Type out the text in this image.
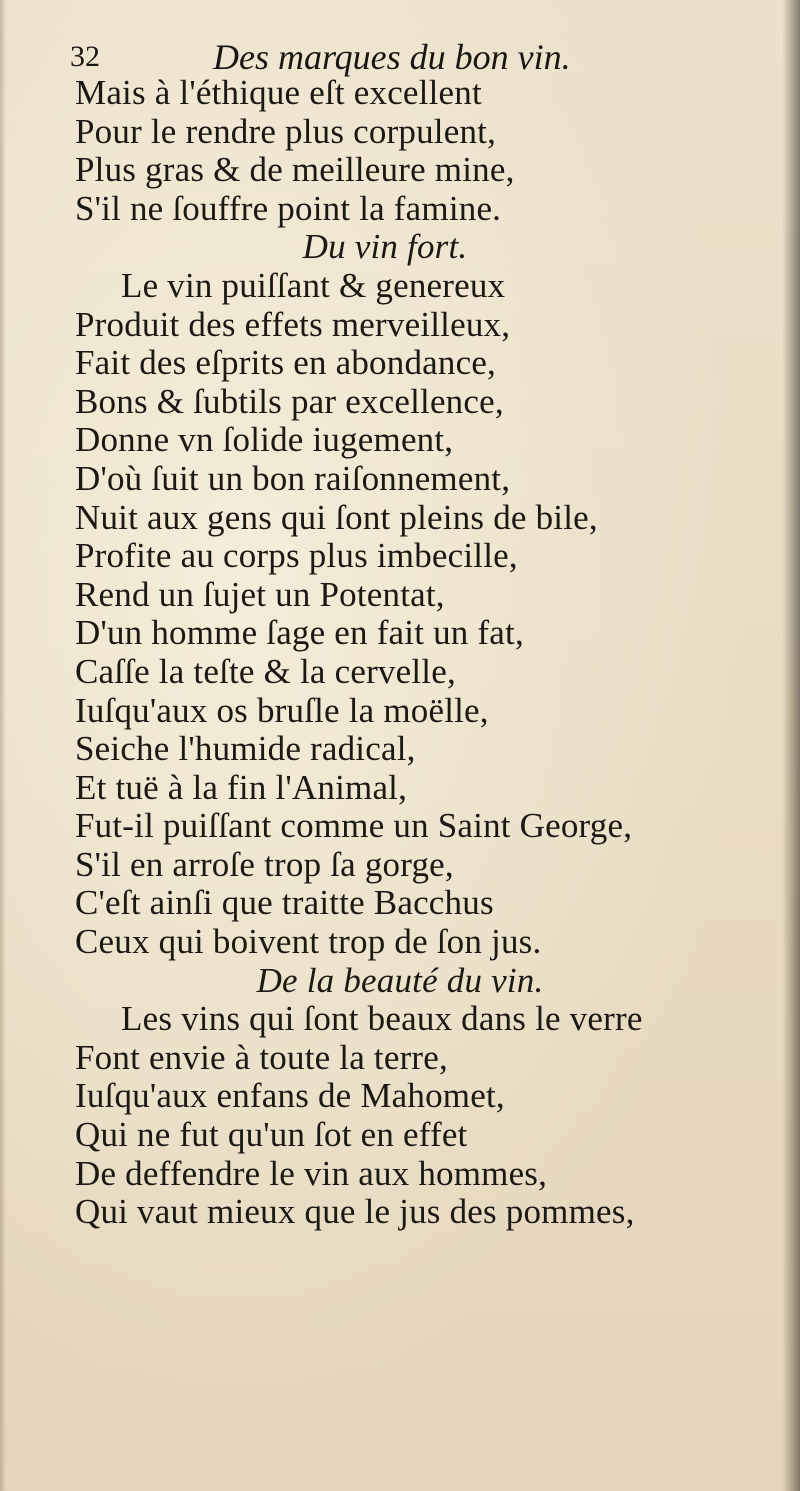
32	Des marques du bon vin.
Mais à l'éthique eſt excellent
Pour le rendre plus corpulent,
Plus gras & de meilleure mine,
S'il ne ſouffre point la famine.
Du vin fort.
Le vin puiſſant & genereux
Produit des effets merveilleux,
Fait des eſprits en abondance,
Bons & ſubtils par excellence,
Donne vn ſolide iugement,
D'où ſuit un bon raiſonnement,
Nuit aux gens qui ſont pleins de bile,
Profite au corps plus imbecille,
Rend un ſujet un Potentat,
D'un homme ſage en fait un fat,
Caſſe la teſte & la cervelle,
Iuſqu'aux os bruſle la moëlle,
Seiche l'humide radical,
Et tuë à la fin l'Animal,
Fut-il puiſſant comme un Saint George,
S'il en arroſe trop ſa gorge,
C'eſt ainſi que traitte Bacchus
Ceux qui boivent trop de ſon jus.
De la beauté du vin.
Les vins qui ſont beaux dans le verre
Font envie à toute la terre,
Iuſqu'aux enfans de Mahomet,
Qui ne fut qu'un ſot en effet
De deffendre le vin aux hommes,
Qui vaut mieux que le jus des pommes,
